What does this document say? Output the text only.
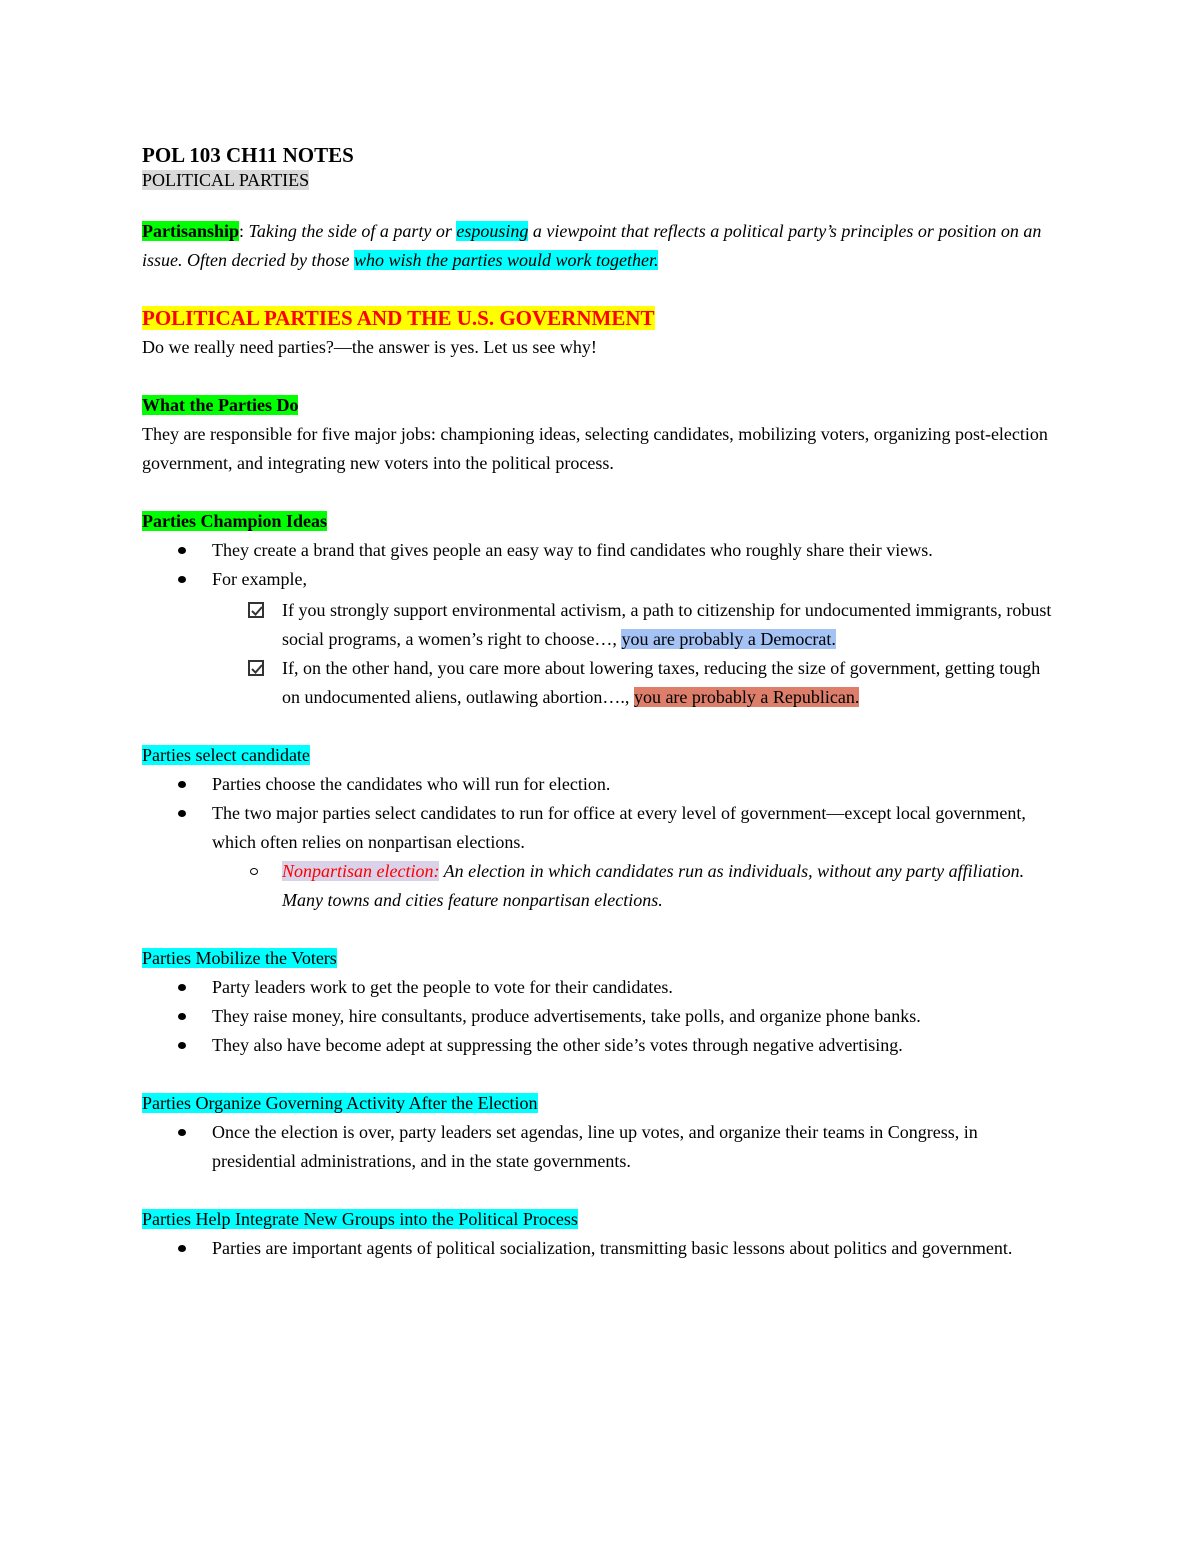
POL 103 CH11 NOTES
POLITICAL PARTIES
Partisanship: Taking the side of a party or espousing a viewpoint that reflects a political party’s principles or position on an issue. Often decried by those who wish the parties would work together.
POLITICAL PARTIES AND THE U.S. GOVERNMENT
Do we really need parties?—the answer is yes. Let us see why!
What the Parties Do
They are responsible for five major jobs: championing ideas, selecting candidates, mobilizing voters, organizing post-election government, and integrating new voters into the political process.
Parties Champion Ideas
They create a brand that gives people an easy way to find candidates who roughly share their views.
For example,
If you strongly support environmental activism, a path to citizenship for undocumented immigrants, robust social programs, a women’s right to choose…, you are probably a Democrat.
If, on the other hand, you care more about lowering taxes, reducing the size of government, getting tough on undocumented aliens, outlawing abortion…., you are probably a Republican.
Parties select candidate
Parties choose the candidates who will run for election.
The two major parties select candidates to run for office at every level of government—except local government, which often relies on nonpartisan elections.
Nonpartisan election: An election in which candidates run as individuals, without any party affiliation. Many towns and cities feature nonpartisan elections.
Parties Mobilize the Voters
Party leaders work to get the people to vote for their candidates.
They raise money, hire consultants, produce advertisements, take polls, and organize phone banks.
They also have become adept at suppressing the other side’s votes through negative advertising.
Parties Organize Governing Activity After the Election
Once the election is over, party leaders set agendas, line up votes, and organize their teams in Congress, in presidential administrations, and in the state governments.
Parties Help Integrate New Groups into the Political Process
Parties are important agents of political socialization, transmitting basic lessons about politics and government.
